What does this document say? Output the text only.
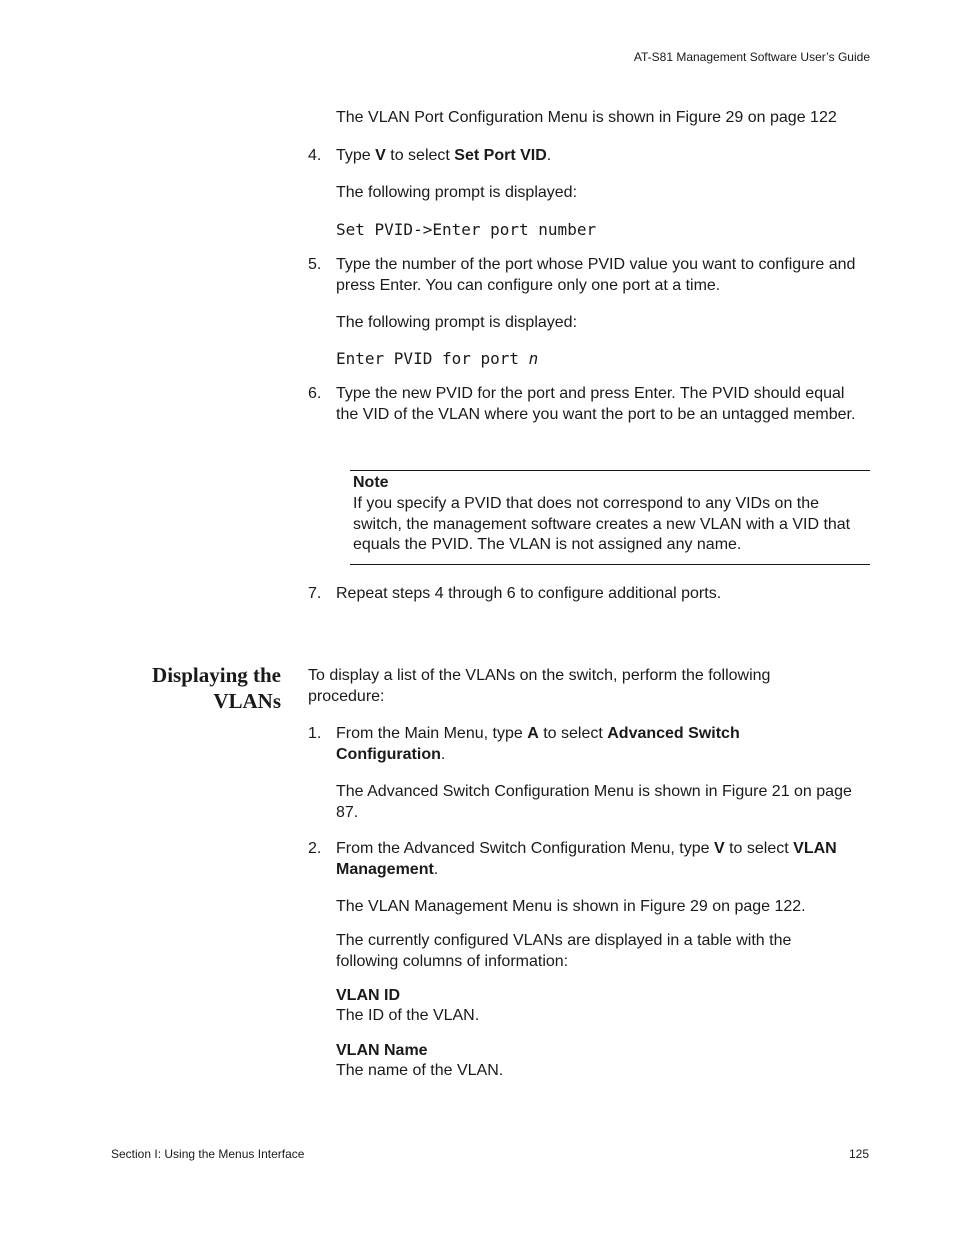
AT-S81 Management Software User’s Guide
The VLAN Port Configuration Menu is shown in Figure 29 on page 122
4. Type V to select Set Port VID.
The following prompt is displayed:
Set PVID->Enter port number
5. Type the number of the port whose PVID value you want to configure and press Enter. You can configure only one port at a time.
The following prompt is displayed:
Enter PVID for port n
6. Type the new PVID for the port and press Enter. The PVID should equal the VID of the VLAN where you want the port to be an untagged member.
Note
If you specify a PVID that does not correspond to any VIDs on the switch, the management software creates a new VLAN with a VID that equals the PVID. The VLAN is not assigned any name.
7. Repeat steps 4 through 6 to configure additional ports.
Displaying the
VLANs
To display a list of the VLANs on the switch, perform the following procedure:
1. From the Main Menu, type A to select Advanced Switch Configuration.
The Advanced Switch Configuration Menu is shown in Figure 21 on page 87.
2. From the Advanced Switch Configuration Menu, type V to select VLAN Management.
The VLAN Management Menu is shown in Figure 29 on page 122.
The currently configured VLANs are displayed in a table with the following columns of information:
VLAN ID
The ID of the VLAN.
VLAN Name
The name of the VLAN.
Section I: Using the Menus Interface	125
